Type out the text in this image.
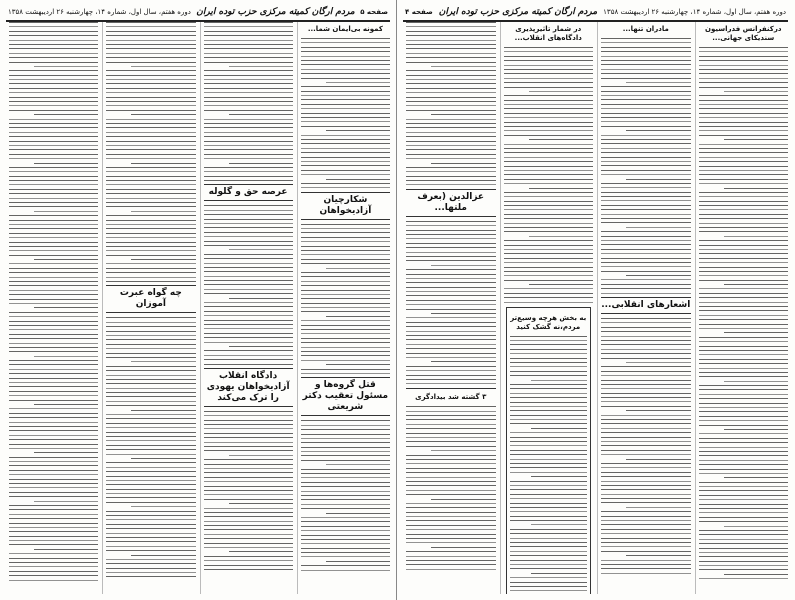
صفحه ۵
مردم ارگان کمیته مرکزی حزب توده ایران
دوره هفتم، سال اول، شماره ۱۴، چهارشنبه ۲۶ اردیبهشت ۱۳۵۸
کمونه بی‌ایمان شما...
شکارچیان آزادیخواهان
قتل گروه‌ها و مسئول تعقیب دکتر شریعتی
عرصه حق و گلوله
دادگاه انقلاب آزادیخواهان یهودی را ترک می‌کند
چه گواه عبرت آموزان
دوره هفتم، سال اول، شماره ۱۴، چهارشنبه ۲۶ اردیبهشت ۱۳۵۸
مردم ارگان کمیته مرکزی حزب توده ایران
صفحه ۴
درکنفرانس فدراسیون سندیکای جهانی...
مادران تنها...
اشعارهای انقلابی...
در شمار تاثیرپذیری دادگاه‌های انقلاب...
به بخش هرچه وسیع‌تر مردم،نه گشک کنید
عزالدین (بعرف ملتها...
۳ گشته شد بیدادگری
